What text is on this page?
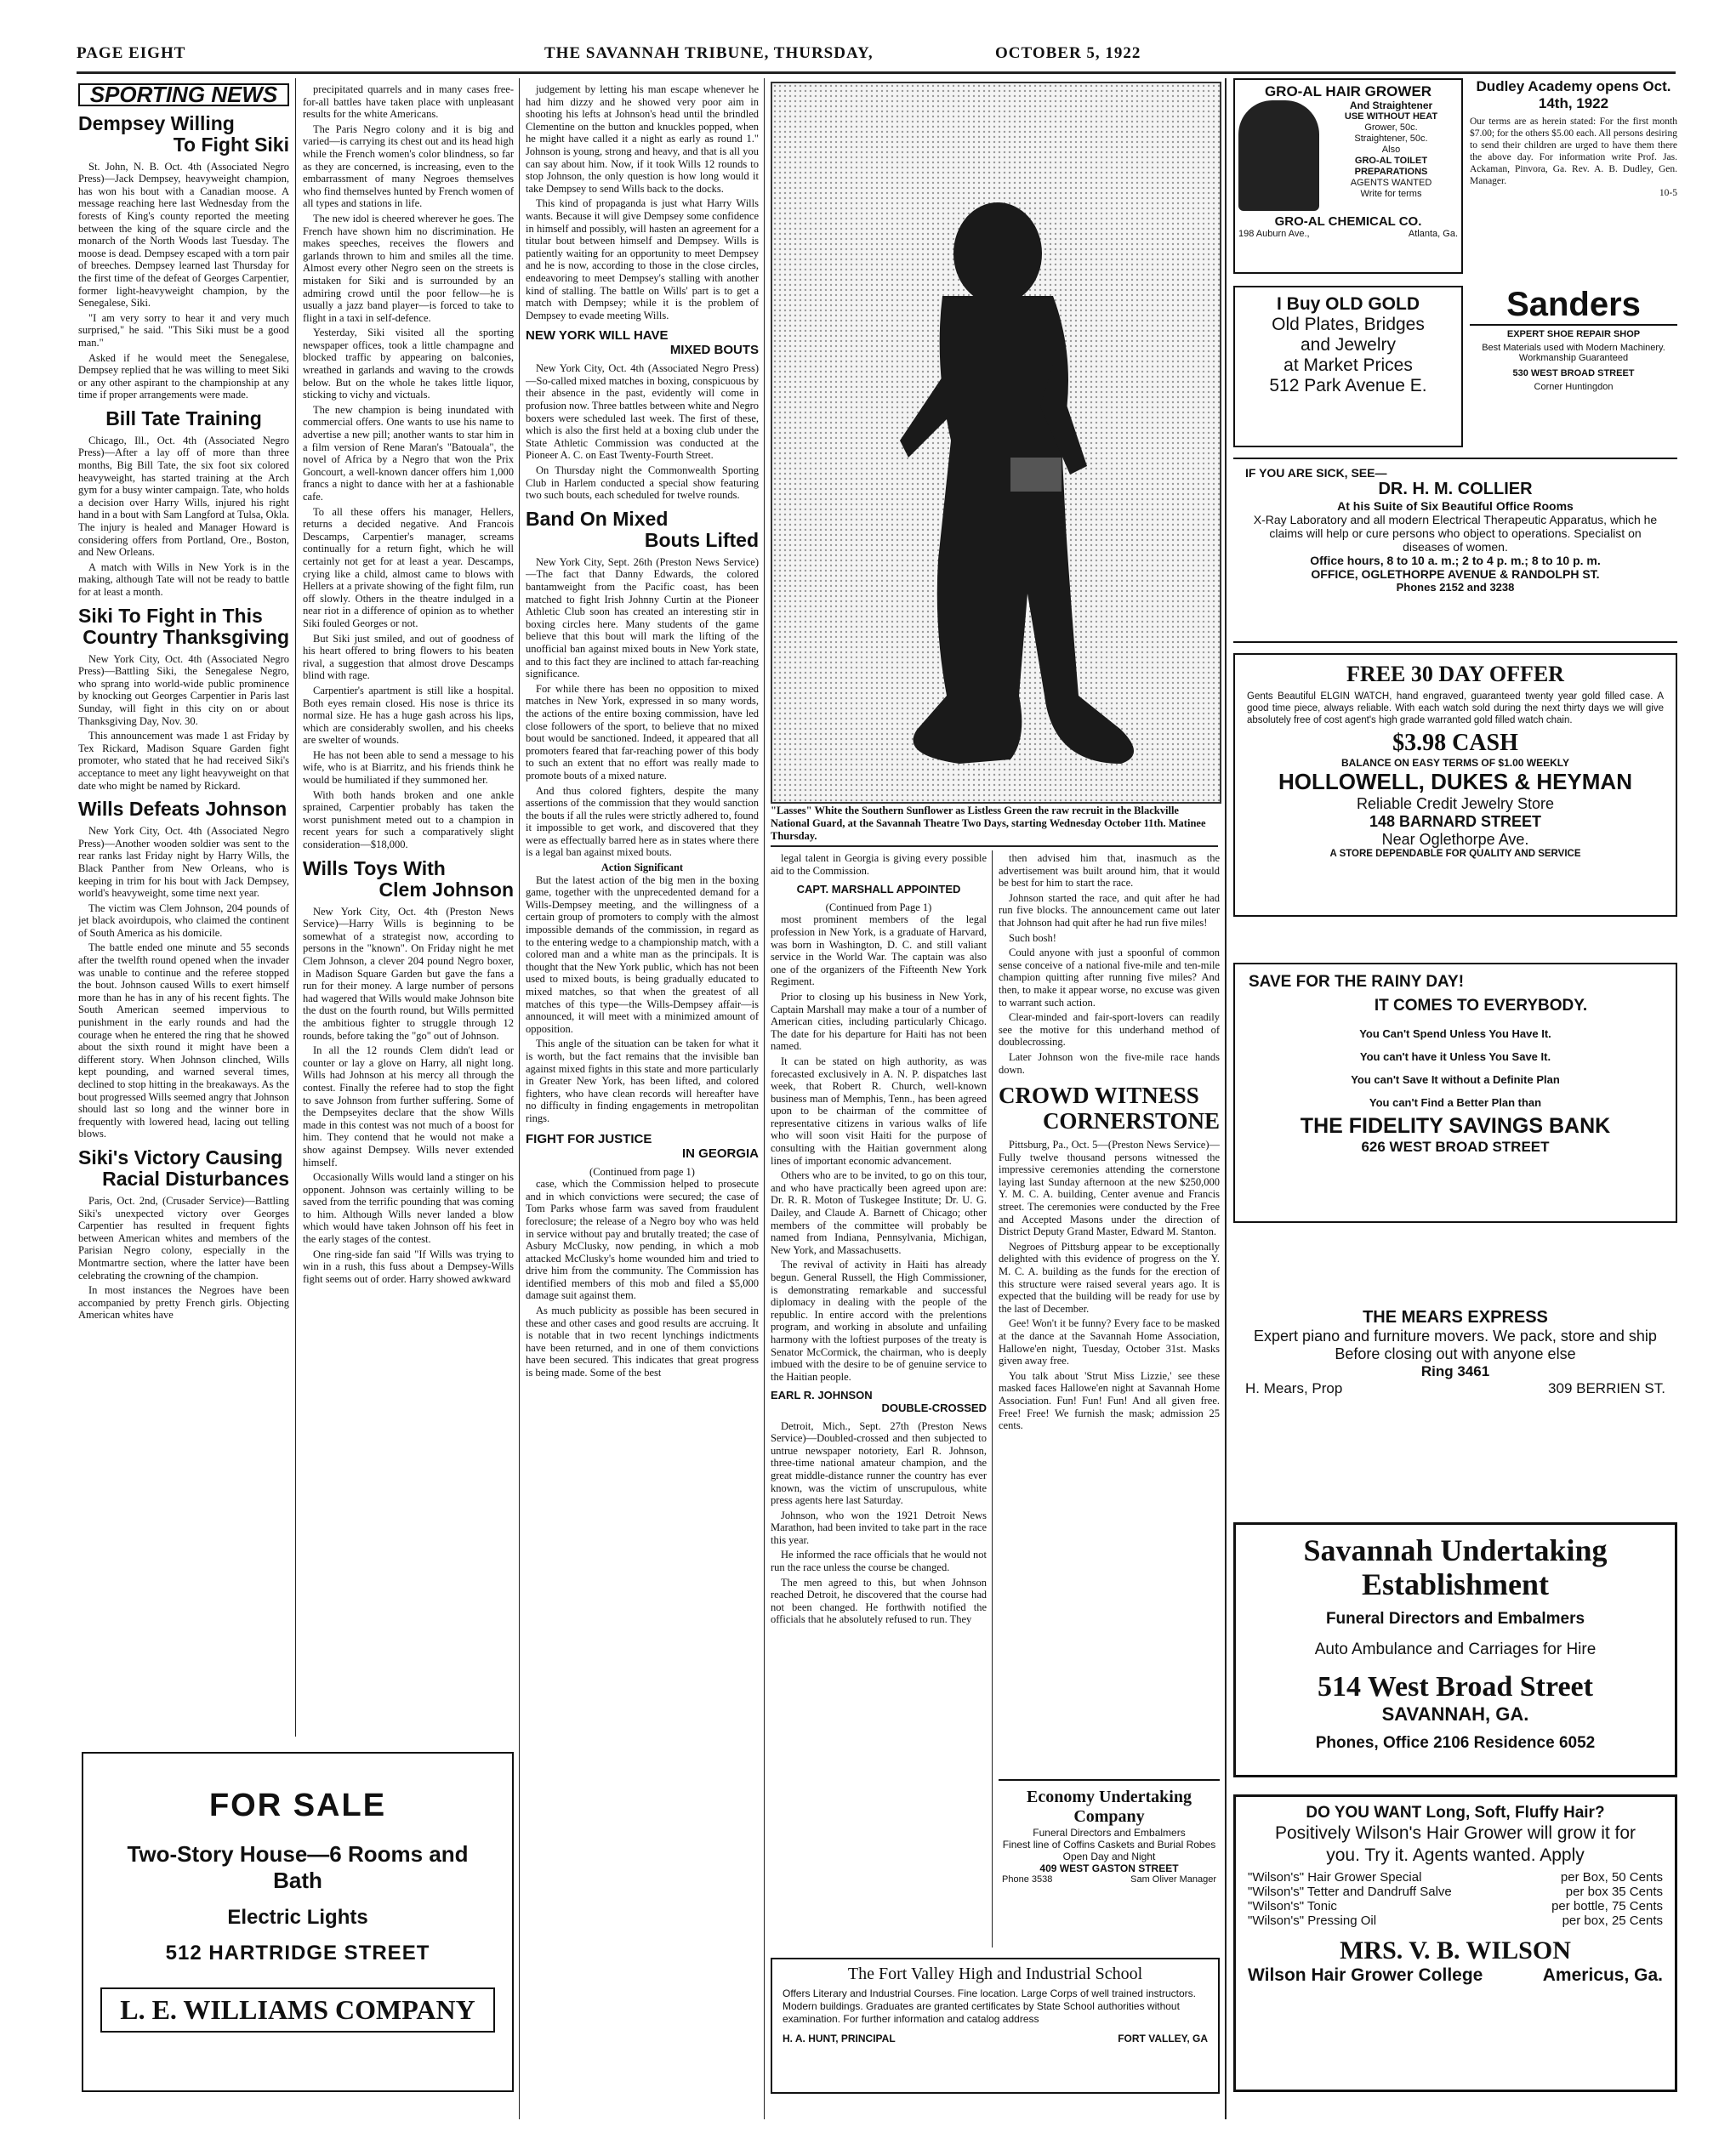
PAGE EIGHT	THE SAVANNAH TRIBUNE, THURSDAY,	OCTOBER 5, 1922
SPORTING NEWS
Dempsey Willing
To Fight Siki

St. John, N. B. Oct. 4th (Associated Negro Press)—Jack Dempsey, heavyweight champion, has won his bout with a Canadian moose. A message reaching here last Wednesday from the forests of King's county reported the meeting between the king of the square circle and the monarch of the North Woods last Tuesday. The moose is dead. Dempsey escaped with a torn pair of breeches. Dempsey learned last Thursday for the first time of the defeat of Georges Carpentier, former light-heavyweight champion, by the Senegalese, Siki.

"I am very sorry to hear it and very much surprised," he said. "This Siki must be a good man."

Asked if he would meet the Senegalese, Dempsey replied that he was willing to meet Siki or any other aspirant to the championship at any time if proper arrangements were made.

Bill Tate Training

Chicago, Ill., Oct. 4th (Associated Negro Press)—After a lay off of more than three months, Big Bill Tate, the six foot six colored heavyweight, has started training at the Arch gym for a busy winter campaign. Tate, who holds a decision over Harry Wills, injured his right hand in a bout with Sam Langford at Tulsa, Okla. The injury is healed and Manager Howard is considering offers from Portland, Ore., Boston, and New Orleans.

A match with Wills in New York is in the making, although Tate will not be ready to battle for at least a month.

Siki To Fight in This
Country Thanksgiving

New York City, Oct. 4th (Associated Negro Press)—Battling Siki, the Senegalese Negro, who sprang into world-wide public prominence by knocking out Georges Carpentier in Paris last Sunday, will fight in this city on or about Thanksgiving Day, Nov. 30.

This announcement was made 1 ast Friday by Tex Rickard, Madison Square Garden fight promoter, who stated that he had received Siki's acceptance to meet any light heavyweight on that date who might be named by Rickard.

Wills Defeats Johnson

New York City, Oct. 4th (Associated Negro Press)—Another wooden soldier was sent to the rear ranks last Friday night by Harry Wills, the Black Panther from New Orleans, who is keeping in trim for his bout with Jack Dempsey, world's heavyweight, some time next year.

The victim was Clem Johnson, 204 pounds of jet black avoirdupois, who claimed the continent of South America as his domicile.

The battle ended one minute and 55 seconds after the twelfth round opened when the invader was unable to continue and the referee stopped the bout. Johnson caused Wills to exert himself more than he has in any of his recent fights. The South American seemed impervious to punishment in the early rounds and had the courage when he entered the ring that he showed about the sixth round it might have been a different story. When Johnson clinched, Wills kept pounding, and warned several times, declined to stop hitting in the breakaways. As the bout progressed Wills seemed angry that Johnson should last so long and the winner bore in frequently with lowered head, lacing out telling blows.

Siki's Victory Causing
Racial Disturbances

Paris, Oct. 2nd, (Crusader Service)—Battling Siki's unexpected victory over Georges Carpentier has resulted in frequent fights between American whites and members of the Parisian Negro colony, especially in the Montmartre section, where the latter have been celebrating the crowning of the champion.

In most instances the Negroes have been accompanied by pretty French girls. Objecting American whites have

precipitated quarrels and in many cases free-for-all battles have taken place with unpleasant results for the white Americans.

The Paris Negro colony and it is big and varied—is carrying its chest out and its head high while the French women's color blindness, so far as they are concerned, is increasing, even to the embarrassment of many Negroes themselves who find themselves hunted by French women of all types and stations in life.

The new idol is cheered wherever he goes. The French have shown him no discrimination. He makes speeches, receives the flowers and garlands thrown to him and smiles all the time. Almost every other Negro seen on the streets is mistaken for Siki and is surrounded by an admiring crowd until the poor fellow—he is usually a jazz band player—is forced to take to flight in a taxi in self-defence.

Yesterday, Siki visited all the sporting newspaper offices, took a little champagne and blocked traffic by appearing on balconies, wreathed in garlands and waving to the crowds below. But on the whole he takes little liquor, sticking to vichy and victuals.

The new champion is being inundated with commercial offers. One wants to use his name to advertise a new pill; another wants to star him in a film version of Rene Maran's "Batouala", the novel of Africa by a Negro that won the Prix Goncourt, a well-known dancer offers him 1,000 francs a night to dance with her at a fashionable cafe.

To all these offers his manager, Hellers, returns a decided negative. And Francois Descamps, Carpentier's manager, screams continually for a return fight, which he will certainly not get for at least a year. Descamps, crying like a child, almost came to blows with Hellers at a private showing of the fight film, run off slowly. Others in the theatre indulged in a near riot in a difference of opinion as to whether Siki fouled Georges or not.

But Siki just smiled, and out of goodness of his heart offered to bring flowers to his beaten rival, a suggestion that almost drove Descamps blind with rage.

Carpentier's apartment is still like a hospital. Both eyes remain closed. His nose is thrice its normal size. He has a huge gash across his lips, which are considerably swollen, and his cheeks are swelter of wounds.

He has not been able to send a message to his wife, who is at Biarritz, and his friends think he would be humiliated if they summoned her.

With both hands broken and one ankle sprained, Carpentier probably has taken the worst punishment meted out to a champion in recent years for such a comparatively slight consideration—$18,000.

Wills Toys With
Clem Johnson

New York City, Oct. 4th (Preston News Service)—Harry Wills is beginning to be somewhat of a strategist now, according to persons in the "known". On Friday night he met Clem Johnson, a clever 204 pound Negro boxer, in Madison Square Garden but gave the fans a run for their money. A large number of persons had wagered that Wills would make Johnson bite the dust on the fourth round, but Wills permitted the ambitious fighter to struggle through 12 rounds, before taking the "go" out of Johnson.

In all the 12 rounds Clem didn't lead or counter or lay a glove on Harry, all night long. Wills had Johnson at his mercy all through the contest. Finally the referee had to stop the fight to save Johnson from further suffering. Some of the Dempseyites declare that the show Wills made in this contest was not much of a boost for him. They contend that he would not make a show against Dempsey. Wills never extended himself.

Occasionally Wills would land a stinger on his opponent. Johnson was certainly willing to be saved from the terrific pounding that was coming to him. Although Wills never landed a blow which would have taken Johnson off his feet in the early stages of the contest.

One ring-side fan said "If Wills was trying to win in a rush, this fuss about a Dempsey-Wills fight seems out of order. Harry showed awkward

FOR SALE
Two-Story House—6 Rooms and Bath
Electric Lights
512 HARTRIDGE STREET
L. E. WILLIAMS COMPANY

judgement by letting his man escape whenever he had him dizzy and he showed very poor aim in shooting his lefts at Johnson's head until the brindled Clementine on the button and knuckles popped, when he might have called it a night as early as round 1." Johnson is young, strong and heavy, and that is all you can say about him. Now, if it took Wills 12 rounds to stop Johnson, the only question is how long would it take Dempsey to send Wills back to the docks.

This kind of propaganda is just what Harry Wills wants. Because it will give Dempsey some confidence in himself and possibly, will hasten an agreement for a titular bout between himself and Dempsey. Wills is patiently waiting for an opportunity to meet Dempsey and he is now, according to those in the close circles, endeavoring to meet Dempsey's stalling with another kind of stalling. The battle on Wills' part is to get a match with Dempsey; while it is the problem of Dempsey to evade meeting Wills.

NEW YORK WILL HAVE
MIXED BOUTS

New York City, Oct. 4th (Associated Negro Press)—So-called mixed matches in boxing, conspicuous by their absence in the past, evidently will come in profusion now. Three battles between white and Negro boxers were scheduled last week. The first of these, which is also the first held at a boxing club under the State Athletic Commission was conducted at the Pioneer A. C. on East Twenty-Fourth Street.

On Thursday night the Commonwealth Sporting Club in Harlem conducted a special show featuring two such bouts, each scheduled for twelve rounds.

Band On Mixed
Bouts Lifted

New York City, Sept. 26th (Preston News Service)—The fact that Danny Edwards, the colored bantamweight from the Pacific coast, has been matched to fight Irish Johnny Curtin at the Pioneer Athletic Club soon has created an interesting stir in boxing circles here. Many students of the game believe that this bout will mark the lifting of the unofficial ban against mixed bouts in New York state, and to this fact they are inclined to attach far-reaching significance.

For while there has been no opposition to mixed matches in New York, expressed in so many words, the actions of the entire boxing commission, have led close followers of the sport, to believe that no mixed bout would be sanctioned. Indeed, it appeared that all promoters feared that far-reaching power of this body to such an extent that no effort was really made to promote bouts of a mixed nature.

And thus colored fighters, despite the many assertions of the commission that they would sanction the bouts if all the rules were strictly adhered to, found it impossible to get work, and discovered that they were as effectually barred here as in states where there is a legal ban against mixed bouts.

Action Significant

But the latest action of the big men in the boxing game, together with the unprecedented demand for a Wills-Dempsey meeting, and the willingness of a certain group of promoters to comply with the almost impossible demands of the commission, in regard as to the entering wedge to a championship match, with a colored man and a white man as the principals. It is thought that the New York public, which has not been used to mixed bouts, is being gradually educated to mixed matches, so that when the greatest of all matches of this type—the Wills-Dempsey affair—is announced, it will meet with a minimized amount of opposition.

This angle of the situation can be taken for what it is worth, but the fact remains that the invisible ban against mixed fights in this state and more particularly in Greater New York, has been lifted, and colored fighters, who have clean records will hereafter have no difficulty in finding engagements in metropolitan rings.

FIGHT FOR JUSTICE
IN GEORGIA
(Continued from page 1)

case, which the Commission helped to prosecute and in which convictions were secured; the case of Tom Parks whose farm was saved from fraudulent foreclosure; the release of a Negro boy who was held in service without pay and brutally treated; the case of Asbury McClusky, now pending, in which a mob attacked McClusky's home wounded him and tried to drive him from the community. The Commission has identified members of this mob and filed a $5,000 damage suit against them.

As much publicity as possible has been secured in these and other cases and good results are accruing. It is notable that in two recent lynchings indictments have been returned, and in one of them convictions have been secured. This indicates that great progress is being made. Some of the best

"Lasses" White the Southern Sunflower as Listless Green the raw recruit in the Blackville National Guard, at the Savannah Theatre Two Days, starting Wednesday October 11th. Matinee Thursday.

legal talent in Georgia is giving every possible aid to the Commission.

CAPT. MARSHALL APPOINTED
(Continued from Page 1)

most prominent members of the legal profession in New York, is a graduate of Harvard, was born in Washington, D. C. and still valiant service in the World War. The captain was also one of the organizers of the Fifteenth New York Regiment.

Prior to closing up his business in New York, Captain Marshall may make a tour of a number of American cities, including particularly Chicago. The date for his departure for Haiti has not been named.

It can be stated on high authority, as was forecasted exclusively in A. N. P. dispatches last week, that Robert R. Church, well-known business man of Memphis, Tenn., has been agreed upon to be chairman of the committee of representative citizens in various walks of life who will soon visit Haiti for the purpose of consulting with the Haitian government along lines of important economic advancement.

Others who are to be invited, to go on this tour, and who have practically been agreed upon are: Dr. R. R. Moton of Tuskegee Institute; Dr. U. G. Dailey, and Claude A. Barnett of Chicago; other members of the committee will probably be named from Indiana, Pennsylvania, Michigan, New York, and Massachusetts.

The revival of activity in Haiti has already begun. General Russell, the High Commissioner, is demonstrating remarkable and successful diplomacy in dealing with the people of the republic. In entire accord with the prelentions program, and working in absolute and unfailing harmony with the loftiest purposes of the treaty is Senator McCormick, the chairman, who is deeply imbued with the desire to be of genuine service to the Haitian people.

EARL R. JOHNSON
DOUBLE-CROSSED

Detroit, Mich., Sept. 27th (Preston News Service)—Doubled-crossed and then subjected to untrue newspaper notoriety, Earl R. Johnson, three-time national amateur champion, and the great middle-distance runner the country has ever known, was the victim of unscrupulous, white press agents here last Saturday.

Johnson, who won the 1921 Detroit News Marathon, had been invited to take part in the race this year.

He informed the race officials that he would not run the race unless the course be changed.

The men agreed to this, but when Johnson reached Detroit, he discovered that the course had not been changed. He forthwith notified the officials that he absolutely refused to run. They

then advised him that, inasmuch as the advertisement was built around him, that it would be best for him to start the race.

Johnson started the race, and quit after he had run five blocks. The announcement came out later that Johnson had quit after he had run five miles!

Such bosh!

Could anyone with just a spoonful of common sense conceive of a national five-mile and ten-mile champion quitting after running five miles? And then, to make it appear worse, no excuse was given to warrant such action.

Clear-minded and fair-sport-lovers can readily see the motive for this underhand method of doublecrossing.

Later Johnson won the five-mile race hands down.

CROWD WITNESS
CORNERSTONE

Pittsburg, Pa., Oct. 5—(Preston News Service)—Fully twelve thousand persons witnessed the impressive ceremonies attending the cornerstone laying last Sunday afternoon at the new $250,000 Y. M. C. A. building, Center avenue and Francis street. The ceremonies were conducted by the Free and Accepted Masons under the direction of District Deputy Grand Master, Edward M. Stanton.

Negroes of Pittsburg appear to be exceptionally delighted with this evidence of progress on the Y. M. C. A. building as the funds for the erection of this structure were raised several years ago. It is expected that the building will be ready for use by the last of December.

Gee! Won't it be funny? Every face to be masked at the dance at the Savannah Home Association, Hallowe'en night, Tuesday, October 31st. Masks given away free.

You talk about 'Strut Miss Lizzie,' see these masked faces Hallowe'en night at Savannah Home Association. Fun! Fun! Fun! And all given free. Free! Free! We furnish the mask; admission 25 cents.

Economy Undertaking Company
Funeral Directors and Embalmers
Finest line of Coffins Caskets and Burial Robes
Open Day and Night
409 WEST GASTON STREET
Phone 3538	Sam Oliver Manager
The Fort Valley High and Industrial School
Offers Literary and Industrial Courses. Fine location. Large Corps of well trained instructors. Modern buildings. Graduates are granted certificates by State School authorities without examination. For further information and catalog address
H. A. HUNT, PRINCIPAL	FORT VALLEY, GA
GRO-AL HAIR GROWER
And Straightener
USE WITHOUT HEAT
Grower, 50c.
Straightener, 50c.
Also
GRO-AL TOILET PREPARATIONS
AGENTS WANTED
Write for terms
GRO-AL CHEMICAL CO.
198 Auburn Ave.,	Atlanta, Ga.
Dudley Academy opens Oct. 14th, 1922
Our terms are as herein stated: For the first month $7.00; for the others $5.00 each. All persons desiring to send their children are urged to have them there the above day. For information write Prof. Jas. Ackaman, Pinvora, Ga. Rev. A. B. Dudley, Gen. Manager.
10-5
I Buy OLD GOLD
Old Plates, Bridges
and Jewelry
at Market Prices
512 Park Avenue E.
Sanders
EXPERT SHOE REPAIR SHOP
Best Materials used with Modern Machinery. Workmanship Guaranteed
530 WEST BROAD STREET
Corner Huntingdon
IF YOU ARE SICK, SEE—
DR. H. M. COLLIER
At his Suite of Six Beautiful Office Rooms
X-Ray Laboratory and all modern Electrical Therapeutic Apparatus, which he claims will help or cure persons who object to operations. Specialist on diseases of women.
Office hours, 8 to 10 a. m.; 2 to 4 p. m.; 8 to 10 p. m.
OFFICE, OGLETHORPE AVENUE & RANDOLPH ST.
Phones 2152 and 3238
FREE 30 DAY OFFER
Gents Beautiful ELGIN WATCH, hand engraved, guaranteed twenty year gold filled case. A good time piece, always reliable. With each watch sold during the next thirty days we will give absolutely free of cost agent's high grade warranted gold filled watch chain.
$3.98 CASH
BALANCE ON EASY TERMS OF $1.00 WEEKLY
HOLLOWELL, DUKES & HEYMAN
Reliable Credit Jewelry Store
148 BARNARD STREET
Near Oglethorpe Ave.
A STORE DEPENDABLE FOR QUALITY AND SERVICE
SAVE FOR THE RAINY DAY!
IT COMES TO EVERYBODY.
You Can't Spend Unless You Have It.
You can't have it Unless You Save It.
You can't Save It without a Definite Plan
You can't Find a Better Plan than
THE FIDELITY SAVINGS BANK
626 WEST BROAD STREET
THE MEARS EXPRESS
Expert piano and furniture movers. We pack, store and ship
Before closing out with anyone else
Ring 3461
H. Mears, Prop	309 BERRIEN ST.
Savannah Undertaking Establishment
Funeral Directors and Embalmers
Auto Ambulance and Carriages for Hire
514 West Broad Street
SAVANNAH, GA.
Phones, Office 2106 Residence 6052
DO YOU WANT Long, Soft, Fluffy Hair?
Positively Wilson's Hair Grower will grow it for you. Try it. Agents wanted. Apply
"Wilson's" Hair Grower Special	per Box, 50 Cents
"Wilson's" Tetter and Dandruff Salve	per box 35 Cents
"Wilson's" Tonic	per bottle, 75 Cents
"Wilson's" Pressing Oil	per box, 25 Cents
MRS. V. B. WILSON
Wilson Hair Grower College	Americus, Ga.
